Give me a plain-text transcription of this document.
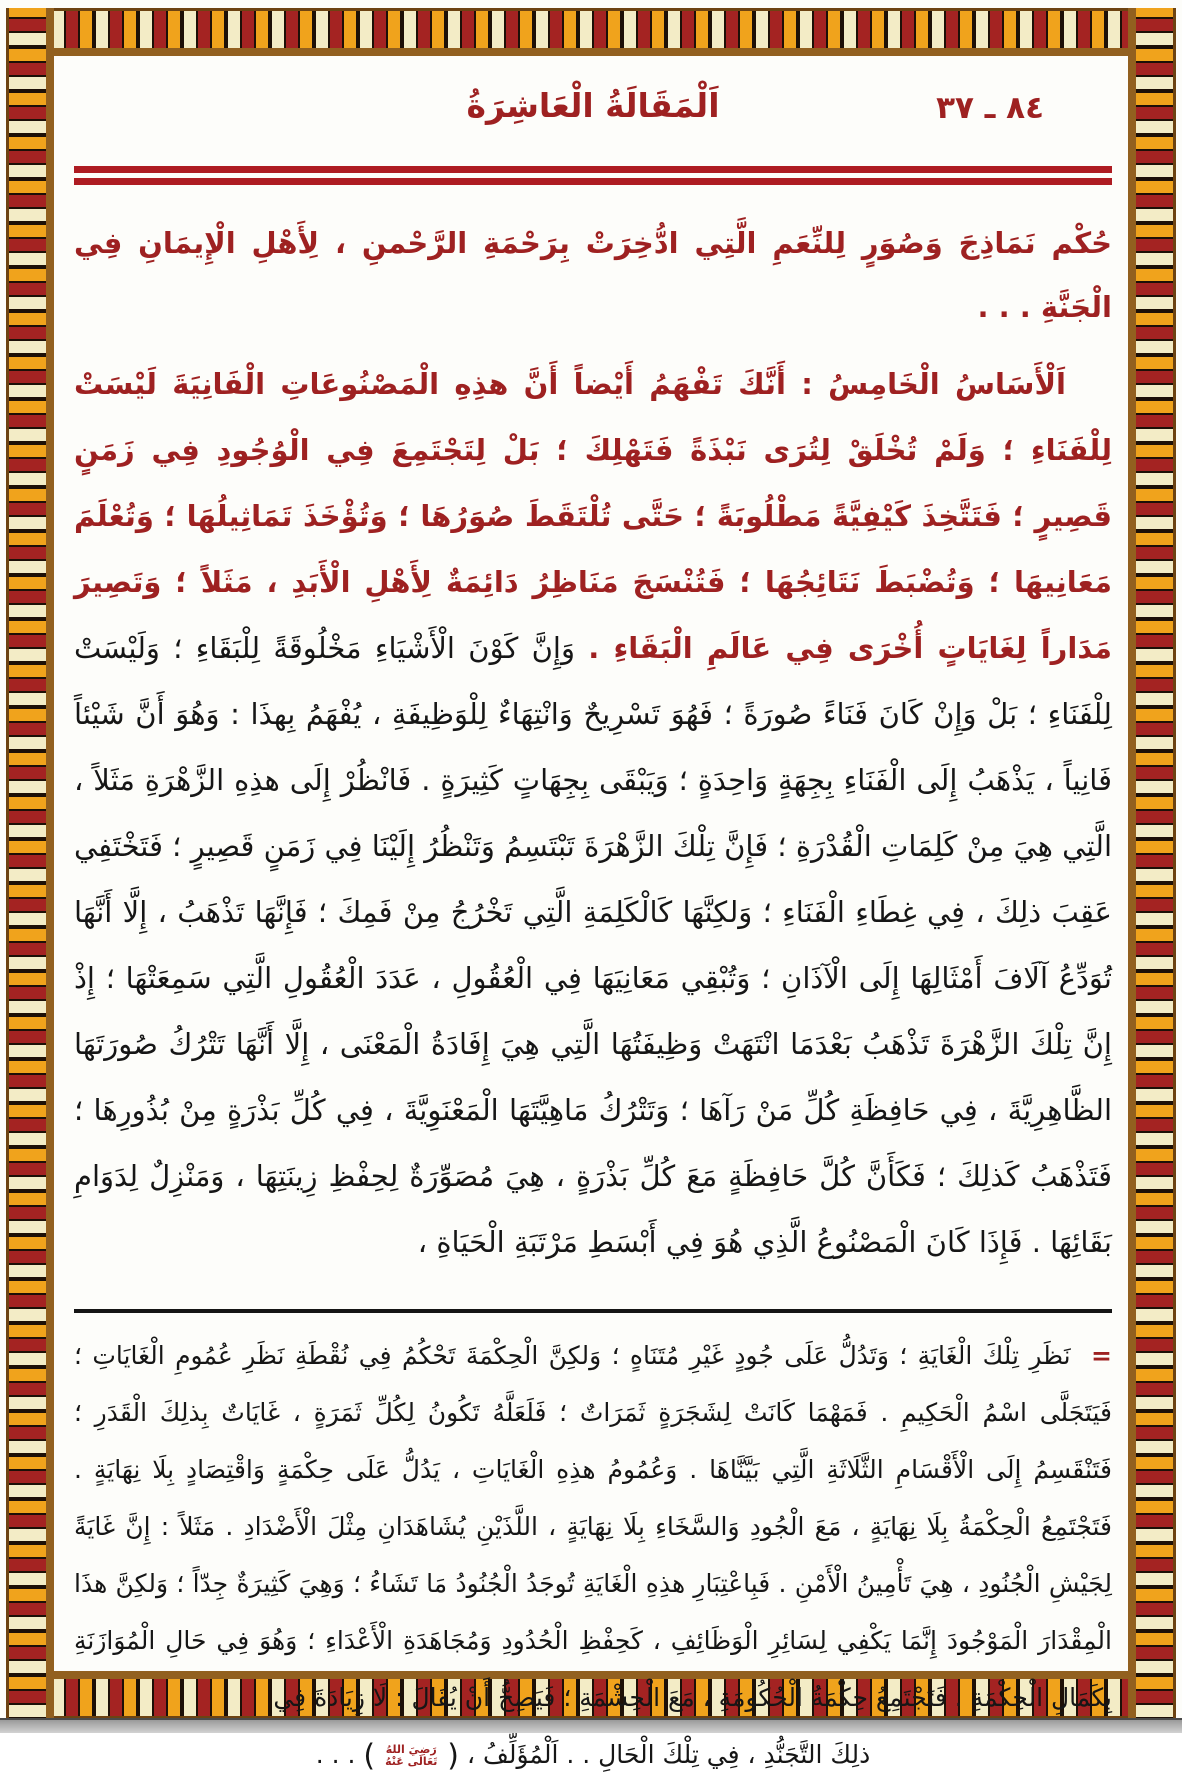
٨٤ ـ ٣٧
اَلْمَقَالَةُ الْعَاشِرَةُ

حُكْم نَمَاذِجَ وَصُوَرٍ لِلنِّعَمِ الَّتِي ادُّخِرَتْ بِرَحْمَةِ الرَّحْمنِ ، لِأَهْلِ الْإِيمَانِ فِي الْجَنَّةِ . . .

اَلْأَسَاسُ الْخَامِسُ : أَنَّكَ تَفْهَمُ أَيْضاً أَنَّ هذِهِ الْمَصْنُوعَاتِ الْفَانِيَةَ لَيْسَتْ لِلْفَنَاءِ ؛ وَلَمْ تُخْلَقْ لِتُرَى نَبْذَةً فَتَهْلِكَ ؛ بَلْ لِتَجْتَمِعَ فِي الْوُجُودِ فِي زَمَنٍ قَصِيرٍ ؛ فَتَتَّخِذَ كَيْفِيَّةً مَطْلُوبَةً ؛ حَتَّى تُلْتَقَطَ صُوَرُهَا ؛ وَتُؤْخَذَ تَمَاثِيلُهَا ؛ وَتُعْلَمَ مَعَانِيهَا ؛ وَتُضْبَطَ نَتَائِجُهَا ؛ فَتُنْسَجَ مَنَاظِرُ دَائِمَةٌ لِأَهْلِ الْأَبَدِ ، مَثَلاً ؛ وَتَصِيرَ مَدَاراً لِغَايَاتٍ أُخْرَى فِي عَالَمِ الْبَقَاءِ . وَإِنَّ كَوْنَ الْأَشْيَاءِ مَخْلُوقَةً لِلْبَقَاءِ ؛ وَلَيْسَتْ لِلْفَنَاءِ ؛ بَلْ وَإِنْ كَانَ فَنَاءً صُورَةً ؛ فَهُوَ تَسْرِيحٌ وَانْتِهَاءٌ لِلْوَظِيفَةِ ، يُفْهَمُ بِهذَا : وَهُوَ أَنَّ شَيْئاً فَانِياً ، يَذْهَبُ إِلَى الْفَنَاءِ بِجِهَةٍ وَاحِدَةٍ ؛ وَيَبْقَى بِجِهَاتٍ كَثِيرَةٍ . فَانْظُرْ إِلَى هذِهِ الزَّهْرَةِ مَثَلاً ، الَّتِي هِيَ مِنْ كَلِمَاتِ الْقُدْرَةِ ؛ فَإِنَّ تِلْكَ الزَّهْرَةَ تَبْتَسِمُ وَتَنْظُرُ إِلَيْنَا فِي زَمَنٍ قَصِيرٍ ؛ فَتَخْتَفِي عَقِبَ ذلِكَ ، فِي غِطَاءِ الْفَنَاءِ ؛ وَلكِنَّهَا كَالْكَلِمَةِ الَّتِي تَخْرُجُ مِنْ فَمِكَ ؛ فَإِنَّهَا تَذْهَبُ ، إِلَّا أَنَّهَا تُوَدِّعُ آلَافَ أَمْثَالِهَا إِلَى الْآذَانِ ؛ وَتُبْقِي مَعَانِيَهَا فِي الْعُقُولِ ، عَدَدَ الْعُقُولِ الَّتِي سَمِعَتْهَا ؛ إِذْ إِنَّ تِلْكَ الزَّهْرَةَ تَذْهَبُ بَعْدَمَا انْتَهَتْ وَظِيفَتُهَا الَّتِي هِيَ إِفَادَةُ الْمَعْنَى ، إِلَّا أَنَّهَا تَتْرُكُ صُورَتَهَا الظَّاهِرِيَّةَ ، فِي حَافِظَةِ كُلِّ مَنْ رَآهَا ؛ وَتَتْرُكُ مَاهِيَّتَهَا الْمَعْنَوِيَّةَ ، فِي كُلِّ بَذْرَةٍ مِنْ بُذُورِهَا ؛ فَتَذْهَبُ كَذلِكَ ؛ فَكَأَنَّ كُلَّ حَافِظَةٍ مَعَ كُلِّ بَذْرَةٍ ، هِيَ مُصَوِّرَةٌ لِحِفْظِ زِينَتِهَا ، وَمَنْزِلٌ لِدَوَامِ بَقَائِهَا . فَإِذَا كَانَ الْمَصْنُوعُ الَّذِي هُوَ فِي أَبْسَطِ مَرْتَبَةِ الْحَيَاةِ ،

= نَظَرِ تِلْكَ الْغَايَةِ ؛ وَتَدُلُّ عَلَى جُودٍ غَيْرِ مُتَنَاهٍ ؛ وَلكِنَّ الْحِكْمَةَ تَحْكُمُ فِي نُقْطَةِ نَظَرِ عُمُومِ الْغَايَاتِ ؛ فَيَتَجَلَّى اسْمُ الْحَكِيمِ . فَمَهْمَا كَانَتْ لِشَجَرَةٍ ثَمَرَاتٌ ؛ فَلَعَلَّهُ تَكُونُ لِكُلِّ ثَمَرَةٍ ، غَايَاتٌ بِذلِكَ الْقَدَرِ ؛ فَتَنْقَسِمُ إِلَى الْأَقْسَامِ الثَّلَاثَةِ الَّتِي بَيَّنَّاهَا . وَعُمُومُ هذِهِ الْغَايَاتِ ، يَدُلُّ عَلَى حِكْمَةٍ وَاقْتِصَادٍ بِلَا نِهَايَةٍ . فَتَجْتَمِعُ الْحِكْمَةُ بِلَا نِهَايَةٍ ، مَعَ الْجُودِ وَالسَّخَاءِ بِلَا نِهَايَةٍ ، اللَّذَيْنِ يُشَاهَدَانِ مِثْلَ الْأَضْدَادِ . مَثَلاً : إِنَّ غَايَةً لِجَيْشِ الْجُنُودِ ، هِيَ تَأْمِينُ الْأَمْنِ . فَبِاعْتِبَارِ هذِهِ الْغَايَةِ تُوجَدُ الْجُنُودُ مَا تَشَاءُ ؛ وَهِيَ كَثِيرَةٌ جِدّاً ؛ وَلكِنَّ هذَا الْمِقْدَارَ الْمَوْجُودَ إِنَّمَا يَكْفِي لِسَائِرِ الْوَظَائِفِ ، كَحِفْظِ الْحُدُودِ وَمُجَاهَدَةِ الْأَعْدَاءِ ؛ وَهُوَ فِي حَالِ الْمُوَازَنَةِ بِكَمَالِ الْحِكْمَةِ . فَتَجْتَمِعُ حِكْمَةُ الْحُكُومَةِ ، مَعَ الْحِشْمَةِ ؛ فَيَصِحُّ أَنْ يُقَالَ : لَا زِيَادَةَ فِي

ذلِكَ التَّجَنُّدِ ، فِي تِلْكَ الْحَالِ . . اَلْمُؤَلِّفُ ، (
رَضِيَ اللهُ
تَعَالَى عَنْهُ
) . . .
